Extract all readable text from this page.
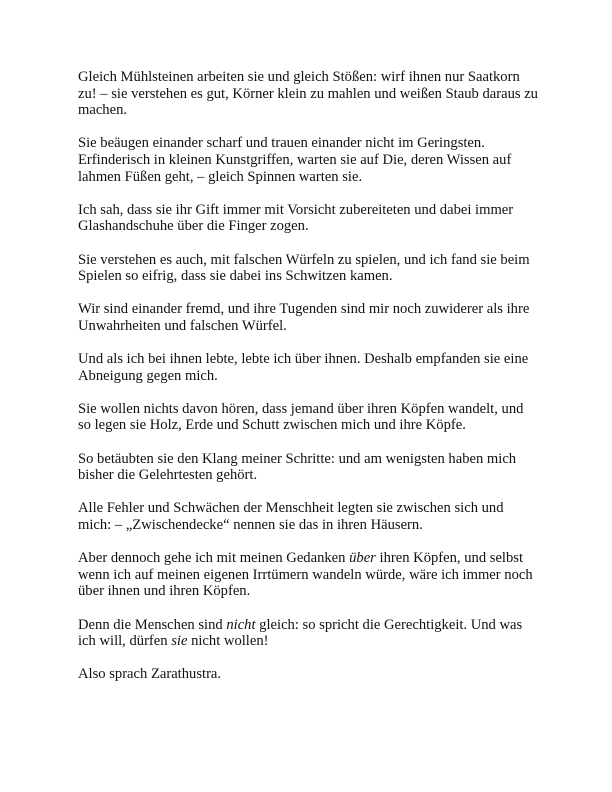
Gleich Mühlsteinen arbeiten sie und gleich Stößen: wirf ihnen nur Saatkorn zu! – sie verstehen es gut, Körner klein zu mahlen und weißen Staub daraus zu machen.

Sie beäugen einander scharf und trauen einander nicht im Geringsten. Erfinderisch in kleinen Kunstgriffen, warten sie auf Die, deren Wissen auf lahmen Füßen geht, – gleich Spinnen warten sie.

Ich sah, dass sie ihr Gift immer mit Vorsicht zubereiteten und dabei immer Glashandschuhe über die Finger zogen.

Sie verstehen es auch, mit falschen Würfeln zu spielen, und ich fand sie beim Spielen so eifrig, dass sie dabei ins Schwitzen kamen.

Wir sind einander fremd, und ihre Tugenden sind mir noch zuwiderer als ihre Unwahrheiten und falschen Würfel.

Und als ich bei ihnen lebte, lebte ich über ihnen. Deshalb empfanden sie eine Abneigung gegen mich.

Sie wollen nichts davon hören, dass jemand über ihren Köpfen wandelt, und so legen sie Holz, Erde und Schutt zwischen mich und ihre Köpfe.

So betäubten sie den Klang meiner Schritte: und am wenigsten haben mich bisher die Gelehrtesten gehört.

Alle Fehler und Schwächen der Menschheit legten sie zwischen sich und mich: – „Zwischendecke“ nennen sie das in ihren Häusern.

Aber dennoch gehe ich mit meinen Gedanken über ihren Köpfen, und selbst wenn ich auf meinen eigenen Irrtümern wandeln würde, wäre ich immer noch über ihnen und ihren Köpfen.

Denn die Menschen sind nicht gleich: so spricht die Gerechtigkeit. Und was ich will, dürfen sie nicht wollen!

Also sprach Zarathustra.
